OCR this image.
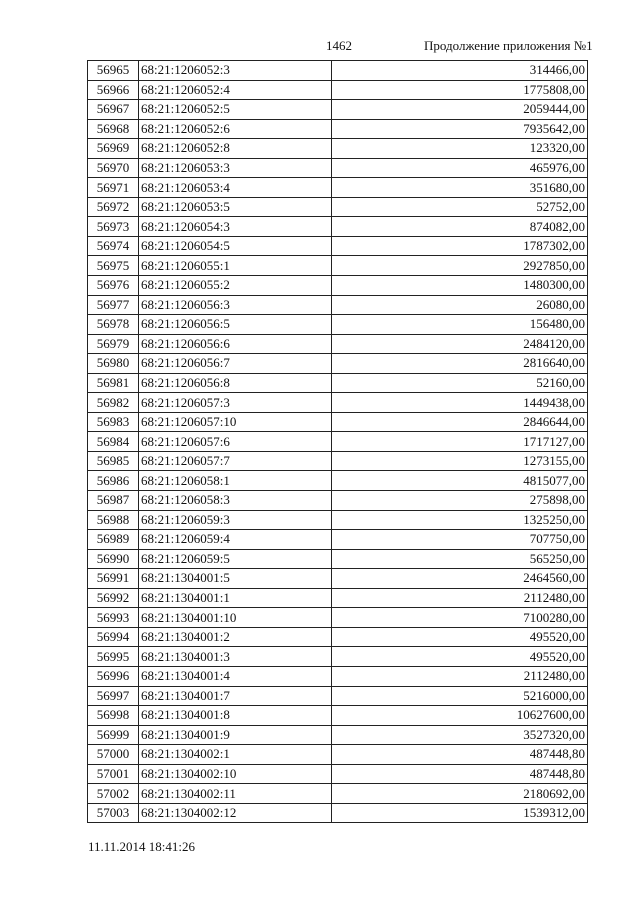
1462	Продолжение приложения №1
56965	68:21:1206052:3	314466,00
56966	68:21:1206052:4	1775808,00
56967	68:21:1206052:5	2059444,00
56968	68:21:1206052:6	7935642,00
56969	68:21:1206052:8	123320,00
56970	68:21:1206053:3	465976,00
56971	68:21:1206053:4	351680,00
56972	68:21:1206053:5	52752,00
56973	68:21:1206054:3	874082,00
56974	68:21:1206054:5	1787302,00
56975	68:21:1206055:1	2927850,00
56976	68:21:1206055:2	1480300,00
56977	68:21:1206056:3	26080,00
56978	68:21:1206056:5	156480,00
56979	68:21:1206056:6	2484120,00
56980	68:21:1206056:7	2816640,00
56981	68:21:1206056:8	52160,00
56982	68:21:1206057:3	1449438,00
56983	68:21:1206057:10	2846644,00
56984	68:21:1206057:6	1717127,00
56985	68:21:1206057:7	1273155,00
56986	68:21:1206058:1	4815077,00
56987	68:21:1206058:3	275898,00
56988	68:21:1206059:3	1325250,00
56989	68:21:1206059:4	707750,00
56990	68:21:1206059:5	565250,00
56991	68:21:1304001:5	2464560,00
56992	68:21:1304001:1	2112480,00
56993	68:21:1304001:10	7100280,00
56994	68:21:1304001:2	495520,00
56995	68:21:1304001:3	495520,00
56996	68:21:1304001:4	2112480,00
56997	68:21:1304001:7	5216000,00
56998	68:21:1304001:8	10627600,00
56999	68:21:1304001:9	3527320,00
57000	68:21:1304002:1	487448,80
57001	68:21:1304002:10	487448,80
57002	68:21:1304002:11	2180692,00
57003	68:21:1304002:12	1539312,00
11.11.2014 18:41:26
